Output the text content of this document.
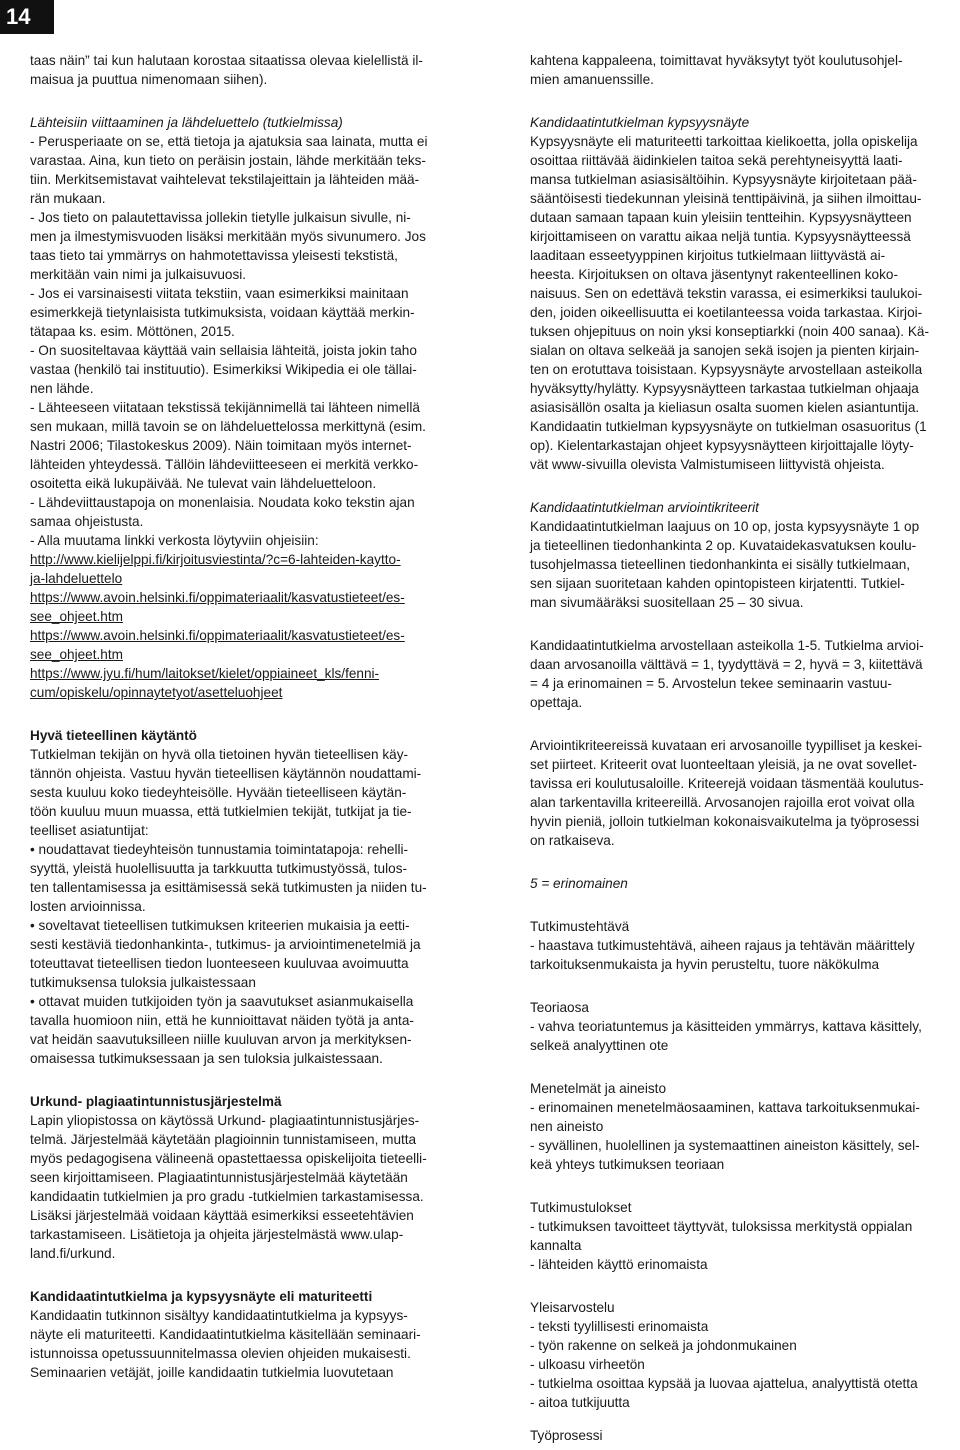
14
taas näin” tai kun halutaan korostaa sitaatissa olevaa kielellistä il-
maisua ja puuttua nimenomaan siihen).
Lähteisiin viittaaminen ja lähdeluettelo (tutkielmissa)
- Perusperiaate on se, että tietoja ja ajatuksia saa lainata, mutta ei
varastaa. Aina, kun tieto on peräisin jostain, lähde merkitään teks-
tiin. Merkitsemistavat vaihtelevat tekstilajeittain ja lähteiden mää-
rän mukaan.
- Jos tieto on palautettavissa jollekin tietylle julkaisun sivulle, ni-
men ja ilmestymisvuoden lisäksi merkitään myös sivunumero. Jos
taas tieto tai ymmärrys on hahmotettavissa yleisesti tekstistä,
merkitään vain nimi ja julkaisuvuosi.
- Jos ei varsinaisesti viitata tekstiin, vaan esimerkiksi mainitaan
esimerkkejä tietynlaisista tutkimuksista, voidaan käyttää merkin-
tätapaa ks. esim. Möttönen, 2015.
- On suositeltavaa käyttää vain sellaisia lähteitä, joista jokin taho
vastaa (henkilö tai instituutio). Esimerkiksi Wikipedia ei ole tällai-
nen lähde.
- Lähteeseen viitataan tekstissä tekijännimellä tai lähteen nimellä
sen mukaan, millä tavoin se on lähdeluettelossa merkittynä (esim.
Nastri 2006; Tilastokeskus 2009). Näin toimitaan myös internet-
lähteiden yhteydessä. Tällöin lähdeviitteeseen ei merkitä verkko-
osoitetta eikä lukupäivää. Ne tulevat vain lähdeluetteloon.
- Lähdeviittaustapoja on monenlaisia. Noudata koko tekstin ajan
samaa ohjeistusta.
- Alla muutama linkki verkosta löytyviin ohjeisiin:
http://www.kielijelppi.fi/kirjoitusviestinta/?c=6-lahteiden-kaytto-
ja-lahdeluettelo
https://www.avoin.helsinki.fi/oppimateriaalit/kasvatustieteet/es-
see_ohjeet.htm
https://www.avoin.helsinki.fi/oppimateriaalit/kasvatustieteet/es-
see_ohjeet.htm
https://www.jyu.fi/hum/laitokset/kielet/oppiaineet_kls/fenni-
cum/opiskelu/opinnaytetyot/asetteluohjeet
Hyvä tieteellinen käytäntö
Tutkielman tekijän on hyvä olla tietoinen hyvän tieteellisen käy-
tännön ohjeista. Vastuu hyvän tieteellisen käytännön noudattami-
sesta kuuluu koko tiedeyhteisölle. Hyvään tieteelliseen käytän-
töön kuuluu muun muassa, että tutkielmien tekijät, tutkijat ja tie-
teelliset asiatuntijat:
• noudattavat tiedeyhteisön tunnustamia toimintatapoja: rehelli-
syyttä, yleistä huolellisuutta ja tarkkuutta tutkimustyössä, tulos-
ten tallentamisessa ja esittämisessä sekä tutkimusten ja niiden tu-
losten arvioinnissa.
• soveltavat tieteellisen tutkimuksen kriteerien mukaisia ja eetti-
sesti kestäviä tiedonhankinta-, tutkimus- ja arviointimenetelmiä ja
toteuttavat tieteellisen tiedon luonteeseen kuuluvaa avoimuutta
tutkimuksensa tuloksia julkaistessaan
• ottavat muiden tutkijoiden työn ja saavutukset asianmukaisella
tavalla huomioon niin, että he kunnioittavat näiden työtä ja anta-
vat heidän saavutuksilleen niille kuuluvan arvon ja merkityksen-
omaisessa tutkimuksessaan ja sen tuloksia julkaistessaan.
Urkund- plagiaatintunnistusjärjestelmä
Lapin yliopistossa on käytössä Urkund- plagiaatintunnistusjärjes-
telmä. Järjestelmää käytetään plagioinnin tunnistamiseen, mutta
myös pedagogisena välineenä opastettaessa opiskelijoita tieteelli-
seen kirjoittamiseen. Plagiaatintunnistusjärjestelmää käytetään
kandidaatin tutkielmien ja pro gradu -tutkielmien tarkastamisessa.
Lisäksi järjestelmää voidaan käyttää esimerkiksi esseetehtävien
tarkastamiseen. Lisätietoja ja ohjeita järjestelmästä www.ulap-
land.fi/urkund.
Kandidaatintutkielma ja kypsyysnäyte eli maturiteetti
Kandidaatin tutkinnon sisältyy kandidaatintutkielma ja kypsyys-
näyte eli maturiteetti. Kandidaatintutkielma käsitellään seminaari-
istunnoissa opetussuunnitelmassa olevien ohjeiden mukaisesti.
Seminaarien vetäjät, joille kandidaatin tutkielmia luovutetaan
kahtena kappaleena, toimittavat hyväksytyt työt koulutusohjel-
mien amanuenssille.
Kandidaatintutkielman kypsyysnäyte
Kypsyysnäyte eli maturiteetti tarkoittaa kielikoetta, jolla opiskelija
osoittaa riittävää äidinkielen taitoa sekä perehtyneisyyttä laati-
mansa tutkielman asiasisältöihin. Kypsyysnäyte kirjoitetaan pää-
sääntöisesti tiedekunnan yleisinä tenttipäivinä, ja siihen ilmoittau-
dutaan samaan tapaan kuin yleisiin tentteihin. Kypsyysnäytteen
kirjoittamiseen on varattu aikaa neljä tuntia. Kypsyysnäytteessä
laaditaan esseetyyppinen kirjoitus tutkielmaan liittyvästä ai-
heesta. Kirjoituksen on oltava jäsentynyt rakenteellinen koko-
naisuus. Sen on edettävä tekstin varassa, ei esimerkiksi taulukoi-
den, joiden oikeellisuutta ei koetilanteessa voida tarkastaa. Kirjoi-
tuksen ohjepituus on noin yksi konseptiarkki (noin 400 sanaa). Kä-
sialan on oltava selkeää ja sanojen sekä isojen ja pienten kirjain-
ten on erotuttava toisistaan. Kypsyysnäyte arvostellaan asteikolla
hyväksytty/hylätty. Kypsyysnäytteen tarkastaa tutkielman ohjaaja
asiasisällön osalta ja kieliasun osalta suomen kielen asiantuntija.
Kandidaatin tutkielman kypsyysnäyte on tutkielman osasuoritus (1
op). Kielentarkastajan ohjeet kypsyysnäytteen kirjoittajalle löyty-
vät www-sivuilla olevista Valmistumiseen liittyvistä ohjeista.
Kandidaatintutkielman arviointikriteerit
Kandidaatintutkielman laajuus on 10 op, josta kypsyysnäyte 1 op
ja tieteellinen tiedonhankinta 2 op. Kuvataidekasvatuksen koulu-
tusohjelmassa tieteellinen tiedonhankinta ei sisälly tutkielmaan,
sen sijaan suoritetaan kahden opintopisteen kirjatentti. Tutkiel-
man sivumääräksi suositellaan 25 – 30 sivua.
Kandidaatintutkielma arvostellaan asteikolla 1-5. Tutkielma arvioi-
daan arvosanoilla välttävä = 1, tyydyttävä = 2, hyvä = 3, kiitettävä
= 4 ja erinomainen = 5. Arvostelun tekee seminaarin vastuu-
opettaja.
Arviointikriteereissä kuvataan eri arvosanoille tyypilliset ja keskei-
set piirteet. Kriteerit ovat luonteeltaan yleisiä, ja ne ovat sovellet-
tavissa eri koulutusaloille. Kriteerejä voidaan täsmentää koulutus-
alan tarkentavilla kriteereillä. Arvosanojen rajoilla erot voivat olla
hyvin pieniä, jolloin tutkielman kokonaisvaikutelma ja työprosessi
on ratkaiseva.
5 = erinomainen
Tutkimustehtävä
- haastava tutkimustehtävä, aiheen rajaus ja tehtävän määrittely
tarkoituksenmukaista ja hyvin perusteltu, tuore näkökulma
Teoriaosa
- vahva teoriatuntemus ja käsitteiden ymmärrys, kattava käsittely,
selkeä analyyttinen ote
Menetelmät ja aineisto
- erinomainen menetelmäosaaminen, kattava tarkoituksenmukai-
nen aineisto
- syvällinen, huolellinen ja systemaattinen aineiston käsittely, sel-
keä yhteys tutkimuksen teoriaan
Tutkimustulokset
- tutkimuksen tavoitteet täyttyvät, tuloksissa merkitystä oppialan
kannalta
- lähteiden käyttö erinomaista
Yleisarvostelu
- teksti tyylillisesti erinomaista
- työn rakenne on selkeä ja johdonmukainen
- ulkoasu virheetön
- tutkielma osoittaa kypsää ja luovaa ajattelua, analyyttistä otetta
- aitoa tutkijuutta
Työprosessi
